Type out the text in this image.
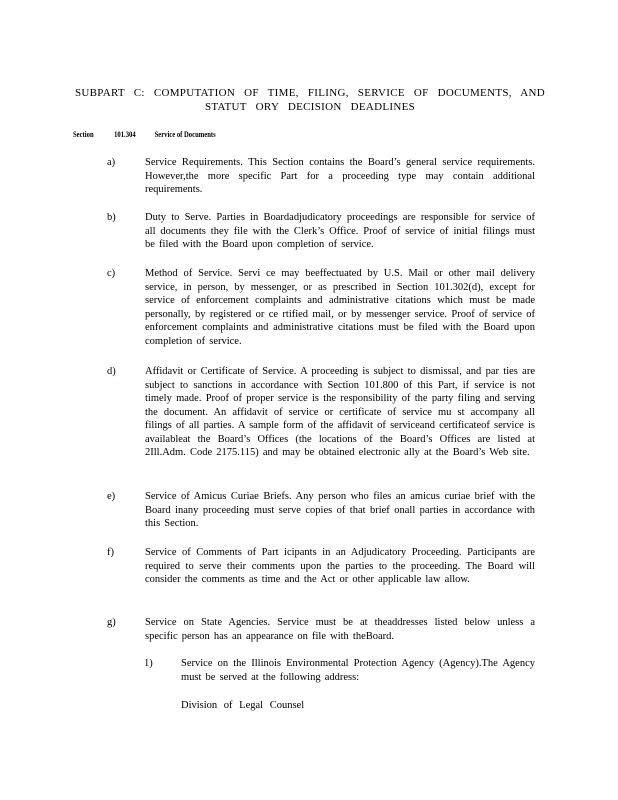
SUBPART C: COMPUTATION OF TIME, FILING, SERVICE OF DOCUMENTS, AND
STATUT ORY DECISION DEADLINES
Section 101.304 Service of Documents
a)	Service Requirements. This Section contains the Board’s general service requirements. However,the more specific Part for a proceeding type may contain additional requirements.
b)	Duty to Serve. Parties in Boardadjudicatory proceedings are responsible for service of all documents they file with the Clerk’s Office. Proof of service of initial filings must be filed with the Board upon completion of service.
c)	Method of Service. Servi ce may beeffectuated by U.S. Mail or other mail delivery service, in person, by messenger, or as prescribed in Section 101.302(d), except for service of enforcement complaints and administrative citations which must be made personally, by registered or ce rtified mail, or by messenger service. Proof of service of enforcement complaints and administrative citations must be filed with the Board upon completion of service.
d)	Affidavit or Certificate of Service. A proceeding is subject to dismissal, and par ties are subject to sanctions in accordance with Section 101.800 of this Part, if service is not timely made. Proof of proper service is the responsibility of the party filing and serving the document. An affidavit of service or certificate of service mu st accompany all filings of all parties. A sample form of the affidavit of serviceand certificateof service is availableat the Board’s Offices (the locations of the Board’s Offices are listed at 2Ill.Adm. Code 2175.115) and may be obtained electronic ally at the Board’s Web site.
e)	Service of Amicus Curiae Briefs. Any person who files an amicus curiae brief with the Board inany proceeding must serve copies of that brief onall parties in accordance with this Section.
f)	Service of Comments of Part icipants in an Adjudicatory Proceeding. Participants are required to serve their comments upon the parties to the proceeding. The Board will consider the comments as time and the Act or other applicable law allow.
g)	Service on State Agencies. Service must be at theaddresses listed below unless a specific person has an appearance on file with theBoard.
1)	Service on the Illinois Environmental Protection Agency (Agency).The Agency must be served at the following address:
Division of Legal Counsel
